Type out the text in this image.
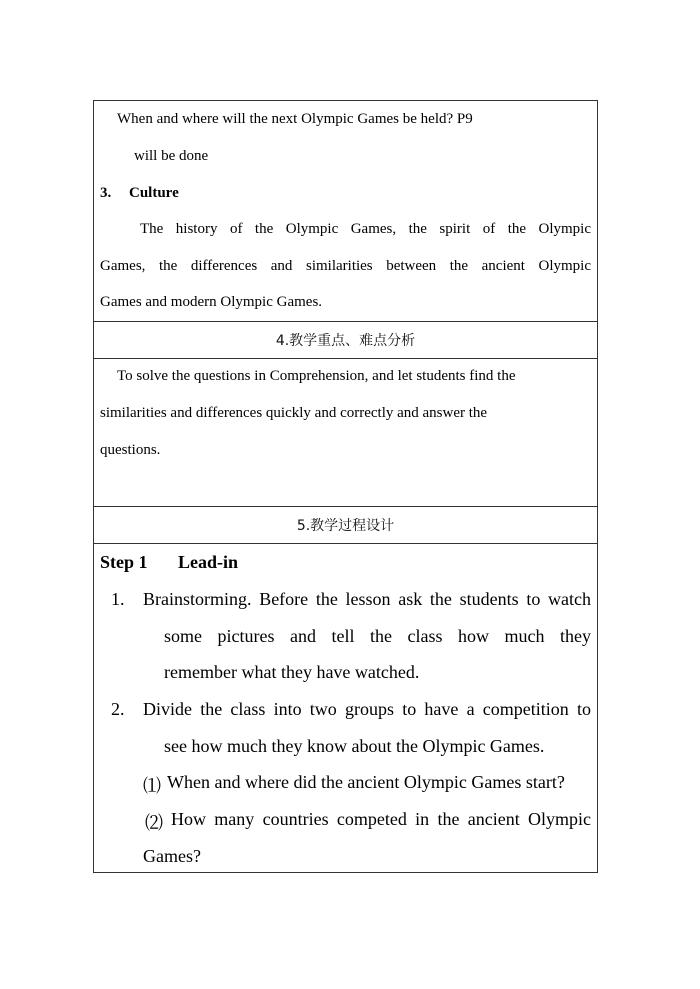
When and where will the next Olympic Games be held? P9
will be done
3. Culture
The history of the Olympic Games, the spirit of the Olympic
Games, the differences and similarities between the ancient Olympic
Games and modern Olympic Games.
4.教学重点、难点分析
To solve the questions in Comprehension, and let students find the
similarities and differences quickly and correctly and answer the
questions.
5.教学过程设计
Step 1 Lead-in
1. Brainstorming. Before the lesson ask the students to watch
some pictures and tell the class how much they
remember what they have watched.
2. Divide the class into two groups to have a competition to
see how much they know about the Olympic Games.
⑴ When and where did the ancient Olympic Games start?
⑵ How many countries competed in the ancient Olympic
Games?
